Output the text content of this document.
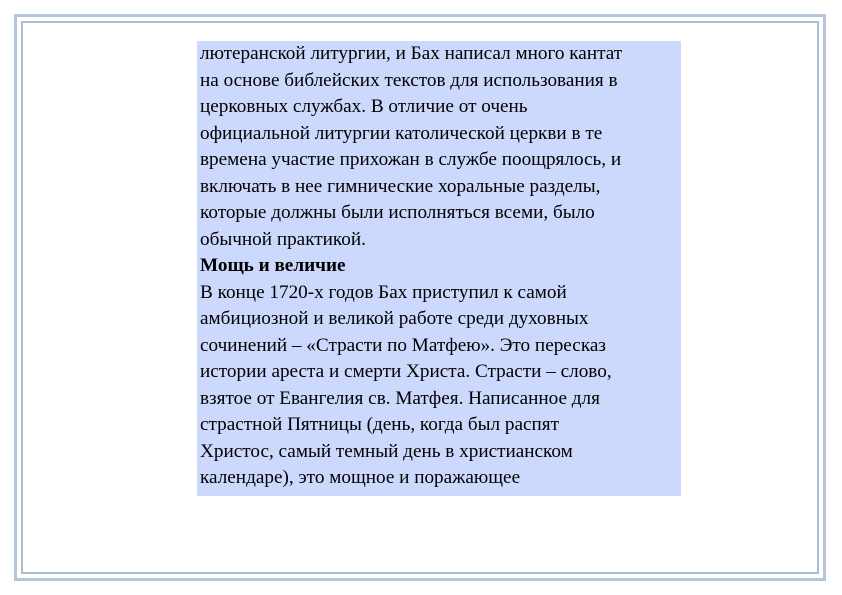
лютеранской литургии, и Бах написал много кантат
на основе библейских текстов для использования в
церковных службах. В отличие от очень
официальной литургии католической церкви в те
времена участие прихожан в службе поощрялось, и
включать в нее гимнические хоральные разделы,
которые должны были исполняться всеми, было
обычной практикой.
Мощь и величие
В конце 1720-х годов Бах приступил к самой
амбициозной и великой работе среди духовных
сочинений – «Страсти по Матфею». Это пересказ
истории ареста и смерти Христа. Страсти – слово,
взятое от Евангелия св. Матфея. Написанное для
страстной Пятницы (день, когда был распят
Христос, самый темный день в христианском
календаре), это мощное и поражающее
